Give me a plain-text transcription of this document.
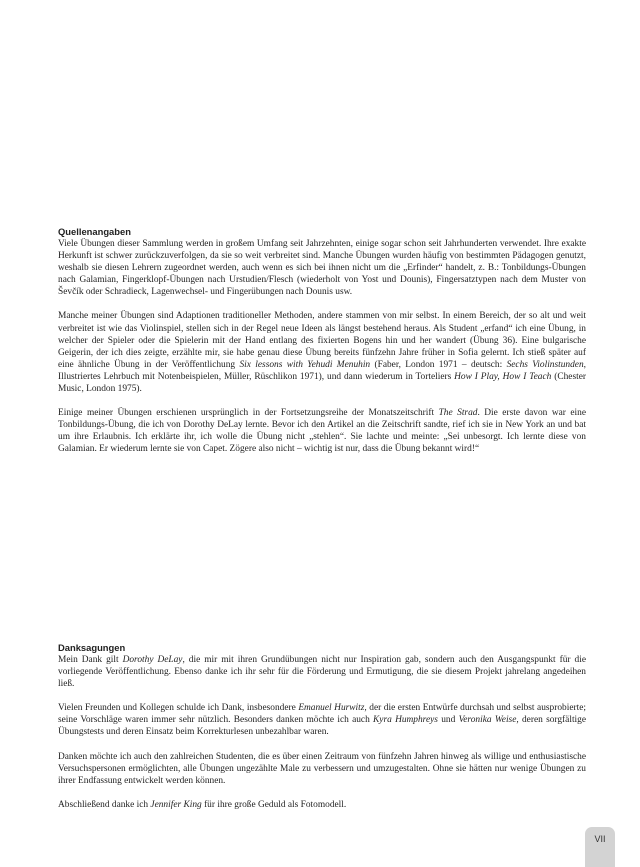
Quellenangaben

Viele Übungen dieser Sammlung werden in großem Umfang seit Jahrzehnten, einige sogar schon seit Jahrhunderten verwendet. Ihre exakte Herkunft ist schwer zurückzuverfolgen, da sie so weit verbreitet sind. Manche Übungen wurden häufig von bestimmten Pädagogen genutzt, weshalb sie diesen Lehrern zugeordnet werden, auch wenn es sich bei ihnen nicht um die „Erfinder“ handelt, z. B.: Tonbildungs-Übungen nach Galamian, Fingerklopf-Übungen nach Urstudien/Flesch (wiederholt von Yost und Dounis), Fingersatztypen nach dem Muster von Ševčík oder Schradieck, Lagenwechsel- und Fingerübungen nach Dounis usw.

Manche meiner Übungen sind Adaptionen traditioneller Methoden, andere stammen von mir selbst. In einem Bereich, der so alt und weit verbreitet ist wie das Violinspiel, stellen sich in der Regel neue Ideen als längst bestehend heraus. Als Student „erfand“ ich eine Übung, in welcher der Spieler oder die Spielerin mit der Hand entlang des fixierten Bogens hin und her wandert (Übung 36). Eine bulgarische Geigerin, der ich dies zeigte, erzählte mir, sie habe genau diese Übung bereits fünfzehn Jahre früher in Sofia gelernt. Ich stieß später auf eine ähnliche Übung in der Veröffentlichung Six lessons with Yehudi Menuhin (Faber, London 1971 – deutsch: Sechs Violinstunden, Illustriertes Lehrbuch mit Notenbeispielen, Müller, Rüschlikon 1971), und dann wiederum in Torteliers How I Play, How I Teach (Chester Music, London 1975).

Einige meiner Übungen erschienen ursprünglich in der Fortsetzungsreihe der Monatszeitschrift The Strad. Die erste davon war eine Tonbildungs-Übung, die ich von Dorothy DeLay lernte. Bevor ich den Artikel an die Zeitschrift sandte, rief ich sie in New York an und bat um ihre Erlaubnis. Ich erklärte ihr, ich wolle die Übung nicht „stehlen“. Sie lachte und meinte: „Sei unbesorgt. Ich lernte diese von Galamian. Er wiederum lernte sie von Capet. Zögere also nicht – wichtig ist nur, dass die Übung bekannt wird!“

Danksagungen

Mein Dank gilt Dorothy DeLay, die mir mit ihren Grundübungen nicht nur Inspiration gab, sondern auch den Ausgangspunkt für die vorliegende Veröffentlichung. Ebenso danke ich ihr sehr für die Förderung und Ermutigung, die sie diesem Projekt jahrelang angedeihen ließ.

Vielen Freunden und Kollegen schulde ich Dank, insbesondere Emanuel Hurwitz, der die ersten Entwürfe durchsah und selbst ausprobierte; seine Vorschläge waren immer sehr nützlich. Besonders danken möchte ich auch Kyra Humphreys und Veronika Weise, deren sorgfältige Übungstests und deren Einsatz beim Korrekturlesen unbezahlbar waren.

Danken möchte ich auch den zahlreichen Studenten, die es über einen Zeitraum von fünfzehn Jahren hinweg als willige und enthusiastische Versuchspersonen ermöglichten, alle Übungen ungezählte Male zu verbessern und umzugestalten. Ohne sie hätten nur wenige Übungen zu ihrer Endfassung entwickelt werden können.

Abschließend danke ich Jennifer King für ihre große Geduld als Fotomodell.

VII
